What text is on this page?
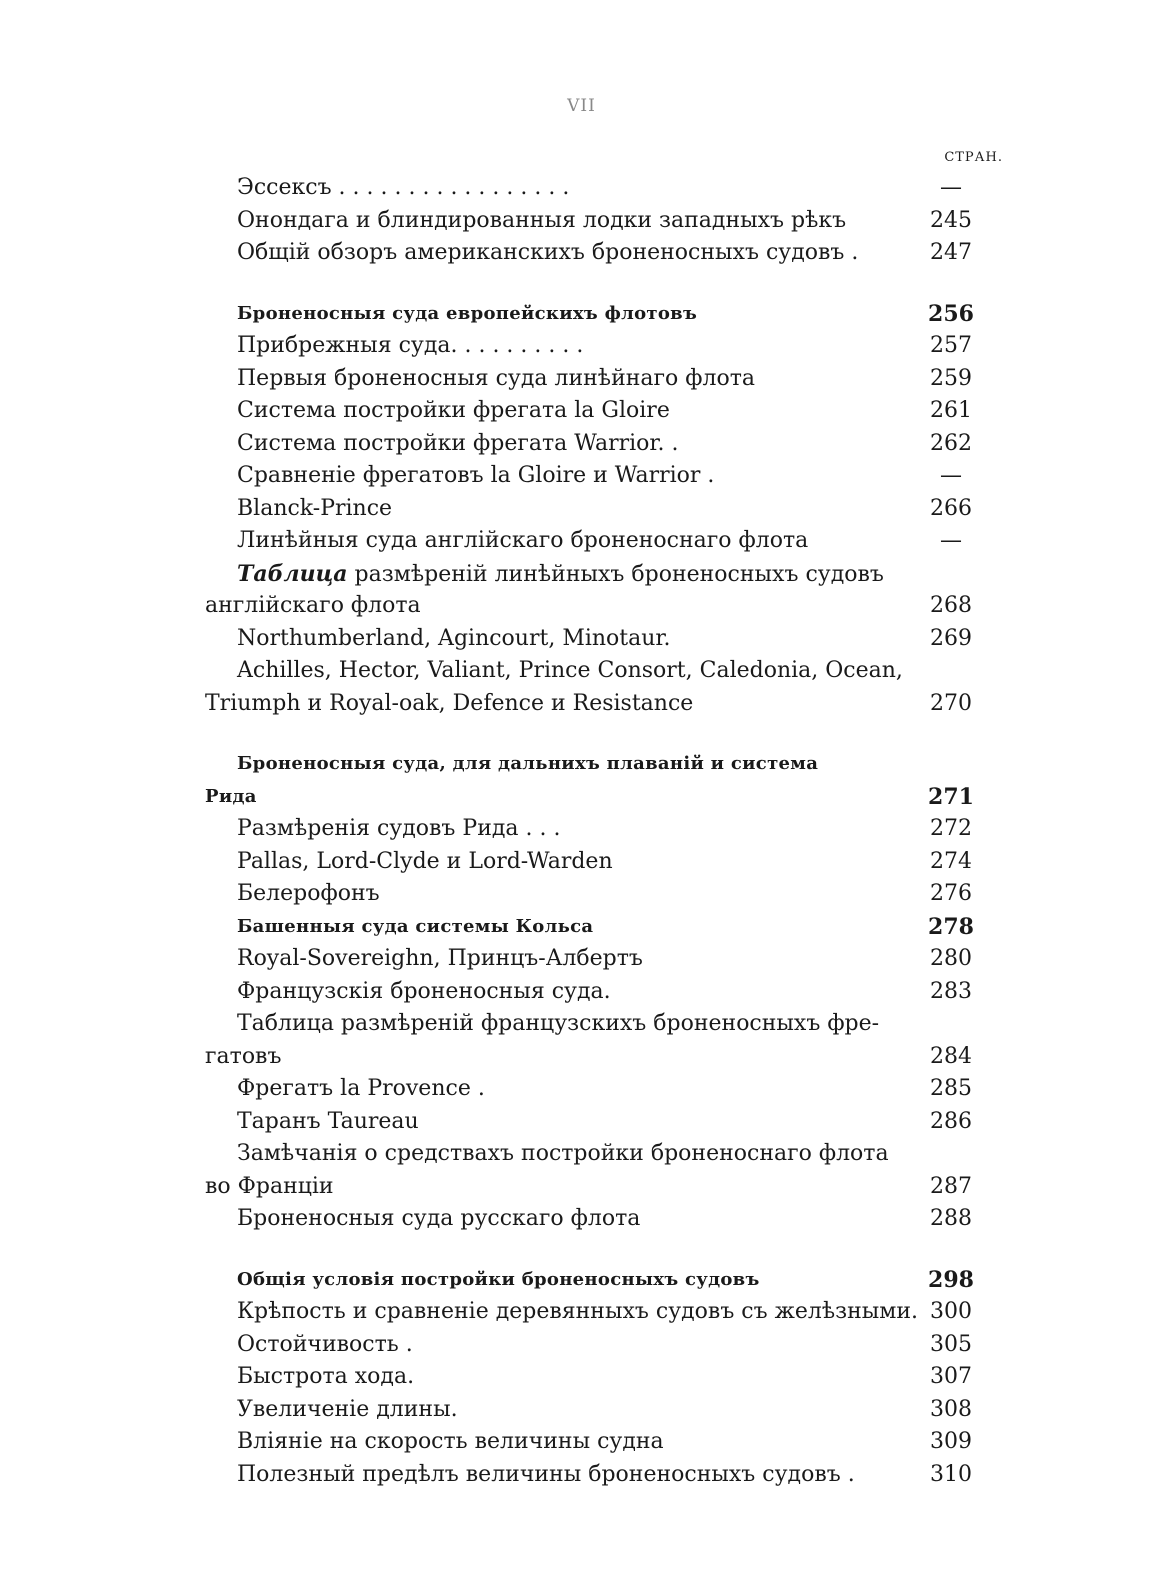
VII
СТРАН.
Эссексъ . . . . . . . . . . . . . . . . .	—
Онондага и блиндированныя лодки западныхъ рѣкъ	245
Общій обзоръ американскихъ броненосныхъ судовъ .	247
Броненосныя суда европейскихъ флотовъ	256
Прибрежныя суда. . . . . . . . . .	257
Первыя броненосныя суда линѣйнаго флота	259
Система постройки фрегата la Gloire	261
Система постройки фрегата Warrior. .	262
Сравненіе фрегатовъ la Gloire и Warrior .	—
Blanck-Prince	266
Линѣйныя суда англійскаго броненоснаго флота	—
Таблица размѣреній линѣйныхъ броненосныхъ судовъ
англійскаго флота	268
Northumberland, Agincourt, Minotaur.	269
Achilles, Hector, Valiant, Prince Consort, Caledonia, Ocean,
Triumph и Royal-oak, Defence и Resistance	270
Броненосныя суда, для дальнихъ плаваній и система
Рида	271
Размѣренія судовъ Рида . . .	272
Pallas, Lord-Clyde и Lord-Warden	274
Белерофонъ	276
Башенныя суда системы Кольса	278
Royal-Sovereighn, Принцъ-Албертъ	280
Французскія броненосныя суда.	283
Таблица размѣреній французскихъ броненосныхъ фре-
гатовъ	284
Фрегатъ la Provence .	285
Таранъ Taureau	286
Замѣчанія о средствахъ постройки броненоснаго флота
во Франціи	287
Броненосныя суда русскаго флота	288
Общія условія постройки броненосныхъ судовъ	298
Крѣпость и сравненіе деревянныхъ судовъ съ желѣзными. 300
Остойчивость .	305
Быстрота хода.	307
Увеличеніе длины.	308
Вліяніе на скорость величины судна	309
Полезный предѣлъ величины броненосныхъ судовъ .	310
